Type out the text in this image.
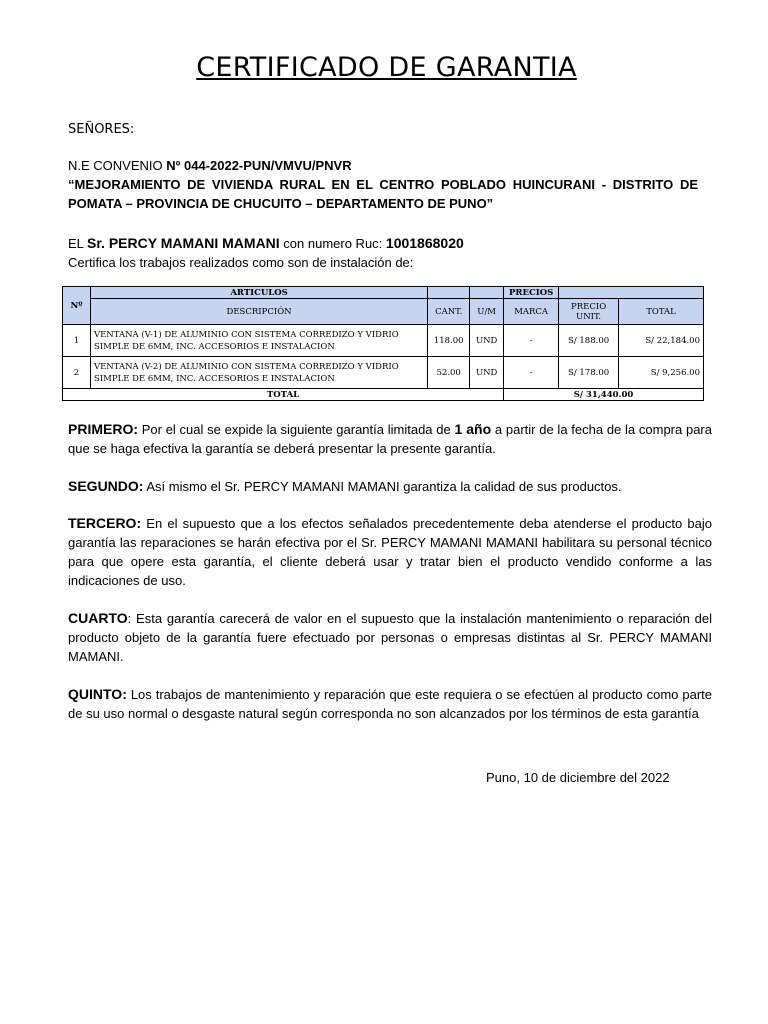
CERTIFICADO DE GARANTIA
SEÑORES:
N.E CONVENIO Nº 044-2022-PUN/VMVU/PNVR
“MEJORAMIENTO DE VIVIENDA RURAL EN EL CENTRO POBLADO HUINCURANI - DISTRITO DE POMATA – PROVINCIA DE CHUCUITO – DEPARTAMENTO DE PUNO”
EL Sr. PERCY MAMANI MAMANI con numero Ruc: 1001868020
Certifica los trabajos realizados como son de instalación de:
Nº	ARTICULOS			PRECIOS		
	DESCRIPCIÓN	CANT.	U/M	MARCA	PRECIO UNIT.	TOTAL
1	VENTANA (V-1) DE ALUMINIO CON SISTEMA CORREDIZO Y VIDRIO SIMPLE DE 6MM, INC. ACCESORIOS E INSTALACION	118.00	UND	-	S/ 188.00	S/ 22,184.00
2	VENTANA (V-2) DE ALUMINIO CON SISTEMA CORREDIZO Y VIDRIO SIMPLE DE 6MM, INC. ACCESORIOS E INSTALACION	52.00	UND	-	S/ 178.00	S/ 9,256.00
TOTAL				S/ 31,440.00		
PRIMERO: Por el cual se expide la siguiente garantía limitada de 1 año a partir de la fecha de la compra para que se haga efectiva la garantía se deberá presentar la presente garantía.
SEGUNDO: Así mismo el Sr. PERCY MAMANI MAMANI garantiza la calidad de sus productos.
TERCERO: En el supuesto que a los efectos señalados precedentemente deba atenderse el producto bajo garantía las reparaciones se harán efectiva por el Sr. PERCY MAMANI MAMANI habilitara su personal técnico para que opere esta garantía, el cliente deberá usar y tratar bien el producto vendido conforme a las indicaciones de uso.
CUARTO: Esta garantía carecerá de valor en el supuesto que la instalación mantenimiento o reparación del producto objeto de la garantía fuere efectuado por personas o empresas distintas al Sr. PERCY MAMANI MAMANI.
QUINTO: Los trabajos de mantenimiento y reparación que este requiera o se efectúen al producto como parte de su uso normal o desgaste natural según corresponda no son alcanzados por los términos de esta garantía
Puno, 10 de diciembre del 2022
